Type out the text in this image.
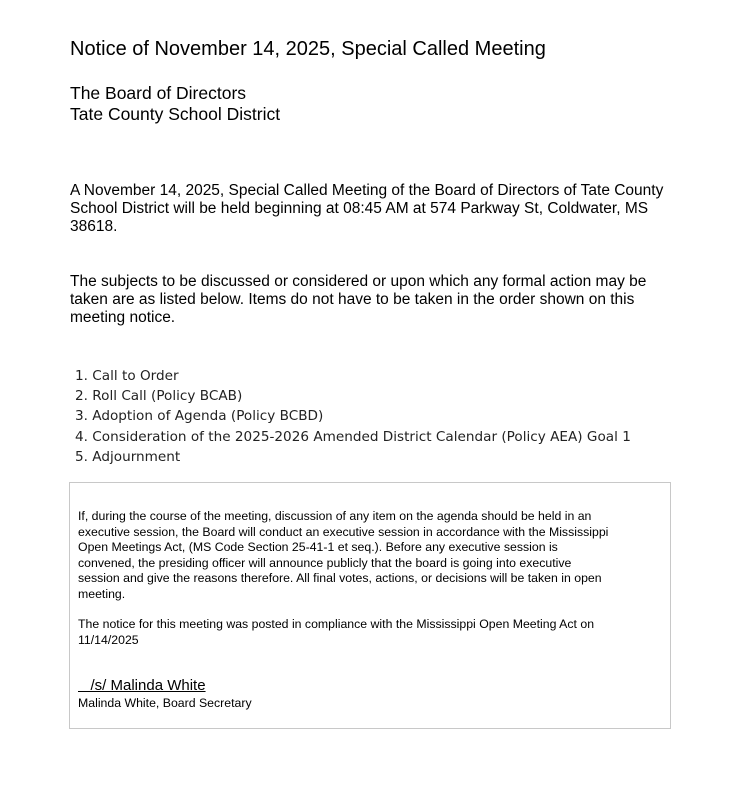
Notice of November 14, 2025, Special Called Meeting
The Board of Directors
Tate County School District
A November 14, 2025, Special Called Meeting of the Board of Directors of Tate County
School District will be held beginning at 08:45 AM at 574 Parkway St, Coldwater, MS
38618.
The subjects to be discussed or considered or upon which any formal action may be
taken are as listed below. Items do not have to be taken in the order shown on this
meeting notice.
1. Call to Order
2. Roll Call (Policy BCAB)
3. Adoption of Agenda (Policy BCBD)
4. Consideration of the 2025-2026 Amended District Calendar (Policy AEA) Goal 1
5. Adjournment
If, during the course of the meeting, discussion of any item on the agenda should be held in an
executive session, the Board will conduct an executive session in accordance with the Mississippi
Open Meetings Act, (MS Code Section 25-41-1 et seq.). Before any executive session is
convened, the presiding officer will announce publicly that the board is going into executive
session and give the reasons therefore. All final votes, actions, or decisions will be taken in open
meeting.
The notice for this meeting was posted in compliance with the Mississippi Open Meeting Act on
11/14/2025
/s/ Malinda White
Malinda White, Board Secretary
